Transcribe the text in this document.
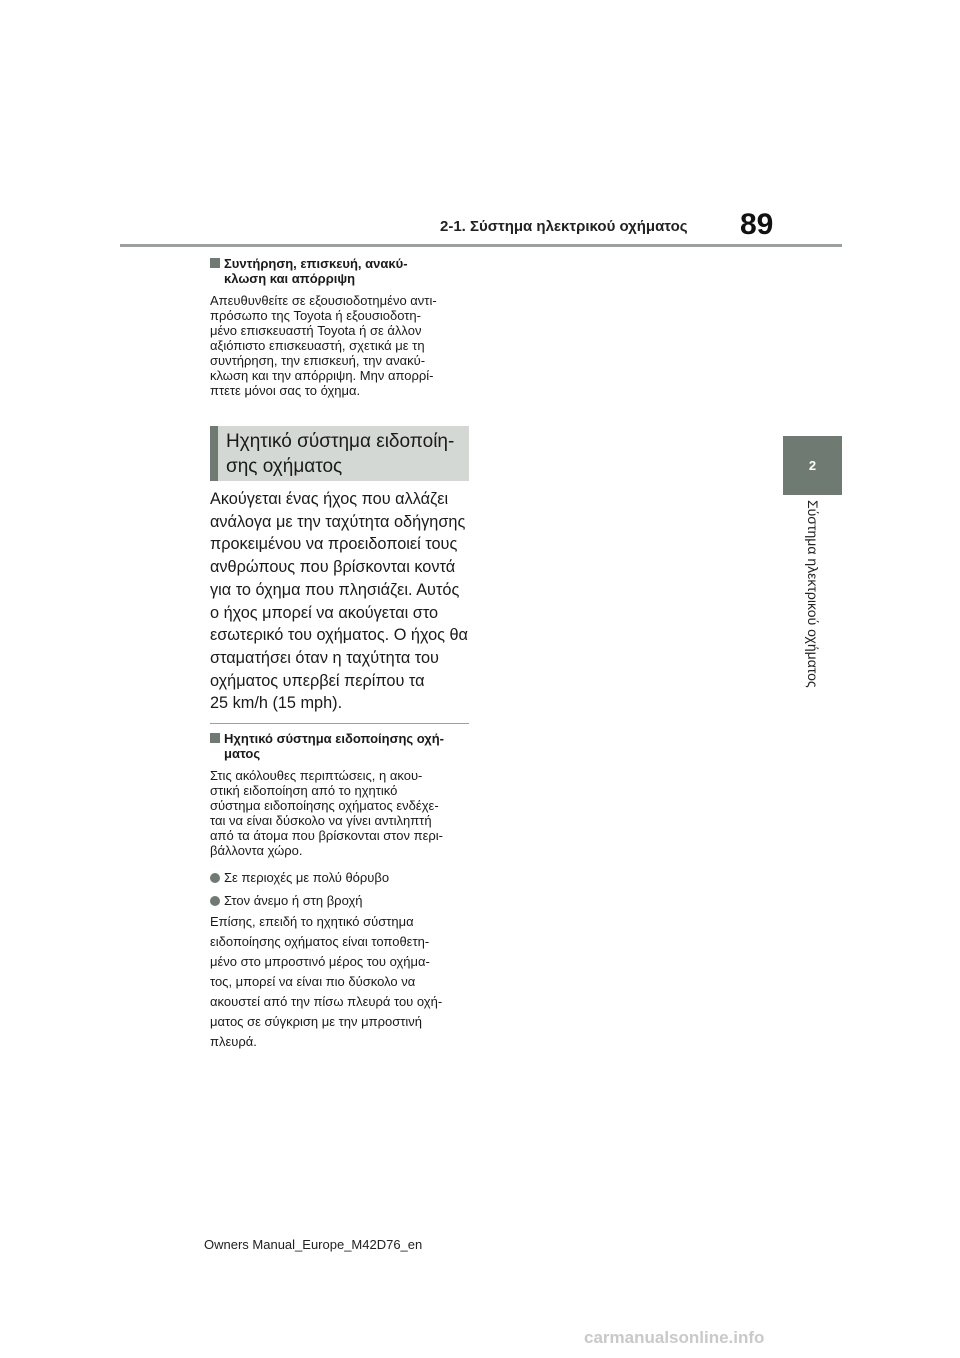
2-1. Σύστημα ηλεκτρικού οχήματος 89
2
Σύστημα ηλεκτρικού οχήματος
Συντήρηση, επισκευή, ανακύ-
κλωση και απόρριψη
Απευθυνθείτε σε εξουσιοδοτημένο αντι-
πρόσωπο της Toyota ή εξουσιοδοτη-
μένο επισκευαστή Toyota ή σε άλλον
αξιόπιστο επισκευαστή, σχετικά με τη
συντήρηση, την επισκευή, την ανακύ-
κλωση και την απόρριψη. Μην απορρί-
πτετε μόνοι σας το όχημα.
Ηχητικό σύστημα ειδοποίη-
σης οχήματος
Ακούγεται ένας ήχος που αλλάζει
ανάλογα με την ταχύτητα οδήγησης
προκειμένου να προειδοποιεί τους
ανθρώπους που βρίσκονται κοντά
για το όχημα που πλησιάζει. Αυτός
ο ήχος μπορεί να ακούγεται στο
εσωτερικό του οχήματος. Ο ήχος θα
σταματήσει όταν η ταχύτητα του
οχήματος υπερβεί περίπου τα
25 km/h (15 mph).
Ηχητικό σύστημα ειδοποίησης οχή-
ματος
Στις ακόλουθες περιπτώσεις, η ακου-
στική ειδοποίηση από το ηχητικό
σύστημα ειδοποίησης οχήματος ενδέχε-
ται να είναι δύσκολο να γίνει αντιληπτή
από τα άτομα που βρίσκονται στον περι-
βάλλοντα χώρο.
Σε περιοχές με πολύ θόρυβο
Στον άνεμο ή στη βροχή
Επίσης, επειδή το ηχητικό σύστημα
ειδοποίησης οχήματος είναι τοποθετη-
μένο στο μπροστινό μέρος του οχήμα-
τος, μπορεί να είναι πιο δύσκολο να
ακουστεί από την πίσω πλευρά του οχή-
ματος σε σύγκριση με την μπροστινή
πλευρά.
Owners Manual_Europe_M42D76_en
carmanualsonline.info
